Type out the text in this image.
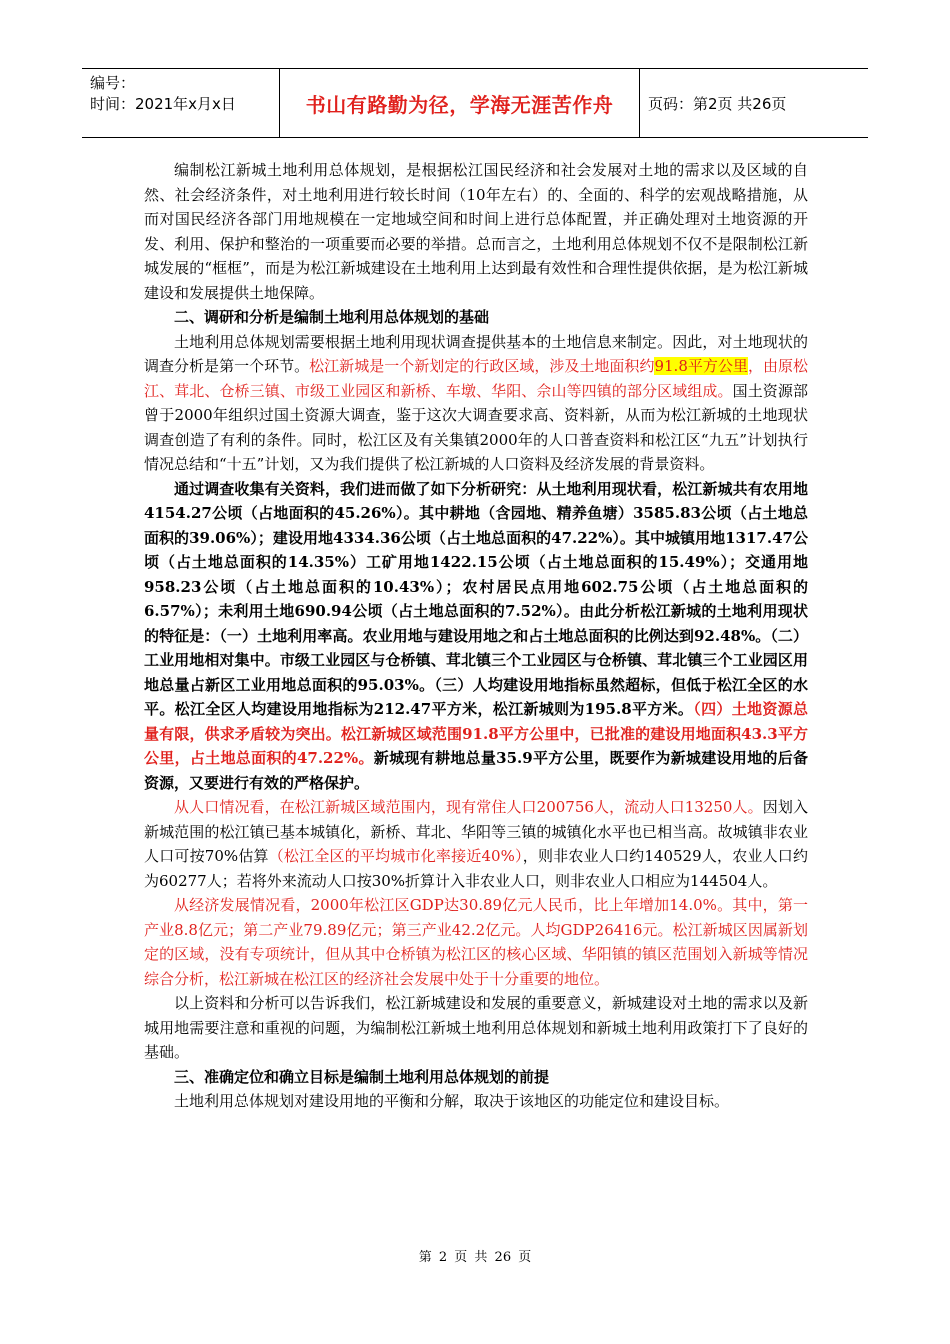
编号：
时间：2021年x月x日	书山有路勤为径，学海无涯苦作舟	页码：第2页 共26页

编制松江新城土地利用总体规划，是根据松江国民经济和社会发展对土地的需求以及区域的自然、社会经济条件，对土地利用进行较长时间（10年左右）的、全面的、科学的宏观战略措施，从而对国民经济各部门用地规模在一定地域空间和时间上进行总体配置，并正确处理对土地资源的开发、利用、保护和整治的一项重要而必要的举措。总而言之，土地利用总体规划不仅不是限制松江新城发展的“框框”，而是为松江新城建设在土地利用上达到最有效性和合理性提供依据，是为松江新城建设和发展提供土地保障。

二、调研和分析是编制土地利用总体规划的基础

土地利用总体规划需要根据土地利用现状调查提供基本的土地信息来制定。因此，对土地现状的调查分析是第一个环节。松江新城是一个新划定的行政区域，涉及土地面积约91.8平方公里，由原松江、茸北、仓桥三镇、市级工业园区和新桥、车墩、华阳、佘山等四镇的部分区域组成。国土资源部曾于2000年组织过国土资源大调查，鉴于这次大调查要求高、资料新，从而为松江新城的土地现状调查创造了有利的条件。同时，松江区及有关集镇2000年的人口普查资料和松江区“九五”计划执行情况总结和“十五”计划，又为我们提供了松江新城的人口资料及经济发展的背景资料。

通过调查收集有关资料，我们进而做了如下分析研究：从土地利用现状看，松江新城共有农用地4154.27公顷（占地面积的45.26%）。其中耕地（含园地、精养鱼塘）3585.83公顷（占土地总面积的39.06%）；建设用地4334.36公顷（占土地总面积的47.22%）。其中城镇用地1317.47公顷（占土地总面积的14.35%）工矿用地1422.15公顷（占土地总面积的15.49%）；交通用地958.23公顷（占土地总面积的10.43%）；农村居民点用地602.75公顷（占土地总面积的6.57%）；未利用土地690.94公顷（占土地总面积的7.52%）。由此分析松江新城的土地利用现状的特征是：（一）土地利用率高。农业用地与建设用地之和占土地总面积的比例达到92.48%。（二）工业用地相对集中。市级工业园区与仓桥镇、茸北镇三个工业园区与仓桥镇、茸北镇三个工业园区用地总量占新区工业用地总面积的95.03%。（三）人均建设用地指标虽然超标，但低于松江全区的水平。松江全区人均建设用地指标为212.47平方米，松江新城则为195.8平方米。（四）土地资源总量有限，供求矛盾较为突出。松江新城区域范围91.8平方公里中，已批准的建设用地面积43.3平方公里，占土地总面积的47.22%。新城现有耕地总量35.9平方公里，既要作为新城建设用地的后备资源，又要进行有效的严格保护。

从人口情况看，在松江新城区域范围内，现有常住人口200756人，流动人口13250人。因划入新城范围的松江镇已基本城镇化，新桥、茸北、华阳等三镇的城镇化水平也已相当高。故城镇非农业人口可按70%估算（松江全区的平均城市化率接近40%），则非农业人口约140529人，农业人口约为60277人；若将外来流动人口按30%折算计入非农业人口，则非农业人口相应为144504人。

从经济发展情况看，2000年松江区GDP达30.89亿元人民币，比上年增加14.0%。其中，第一产业8.8亿元；第二产业79.89亿元；第三产业42.2亿元。人均GDP26416元。松江新城区因属新划定的区域，没有专项统计，但从其中仓桥镇为松江区的核心区域、华阳镇的镇区范围划入新城等情况综合分析，松江新城在松江区的经济社会发展中处于十分重要的地位。

以上资料和分析可以告诉我们，松江新城建设和发展的重要意义，新城建设对土地的需求以及新城用地需要注意和重视的问题，为编制松江新城土地利用总体规划和新城土地利用政策打下了良好的基础。

三、准确定位和确立目标是编制土地利用总体规划的前提

土地利用总体规划对建设用地的平衡和分解，取决于该地区的功能定位和建设目标。

第 2 页 共 26 页
